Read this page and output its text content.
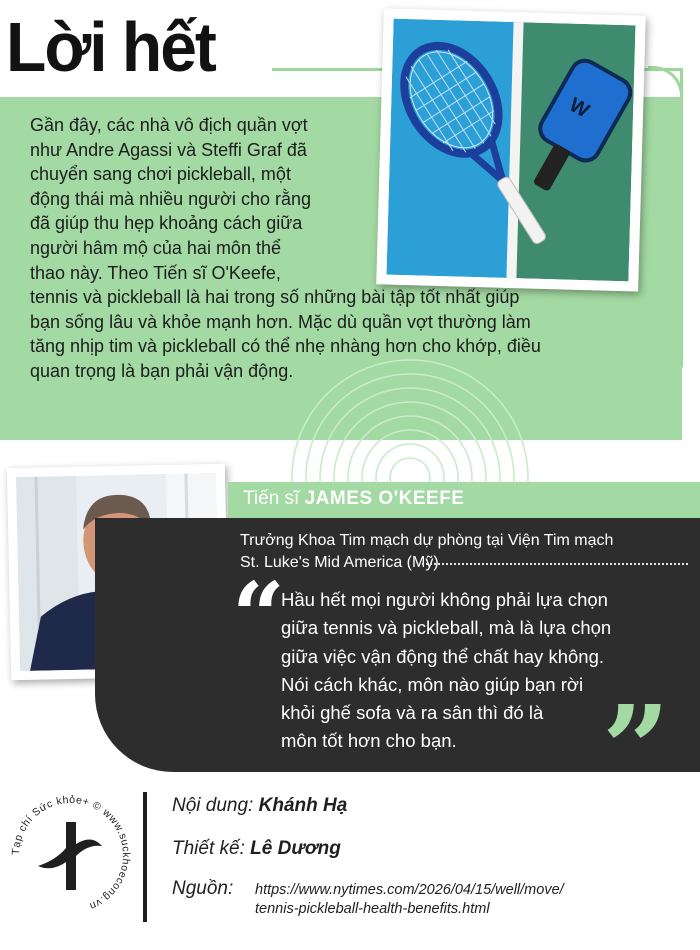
Lời hết
Gần đây, các nhà vô địch quần vợt
như Andre Agassi và Steffi Graf đã
chuyển sang chơi pickleball, một
động thái mà nhiều người cho rằng
đã giúp thu hẹp khoảng cách giữa
người hâm mộ của hai môn thể
thao này. Theo Tiến sĩ O'Keefe,
tennis và pickleball là hai trong số những bài tập tốt nhất giúp
bạn sống lâu và khỏe mạnh hơn. Mặc dù quần vợt thường làm
tăng nhịp tim và pickleball có thể nhẹ nhàng hơn cho khớp, điều
quan trọng là bạn phải vận động.
W
Tiến sĩ JAMES O'KEEFE
Trưởng Khoa Tim mạch dự phòng tại Viện Tim mạch
St. Luke's Mid America (Mỹ)
“
Hầu hết mọi người không phải lựa chọn
giữa tennis và pickleball, mà là lựa chọn
giữa việc vận động thể chất hay không.
Nói cách khác, môn nào giúp bạn rời
khỏi ghế sofa và ra sân thì đó là
môn tốt hơn cho bạn.	”
Tạp chí Sức khỏe+ © www.suckhoecong.vn
Nội dung: Khánh Hạ
Thiết kế: Lê Dương
Nguồn: https://www.nytimes.com/2026/04/15/well/move/
tennis-pickleball-health-benefits.html
